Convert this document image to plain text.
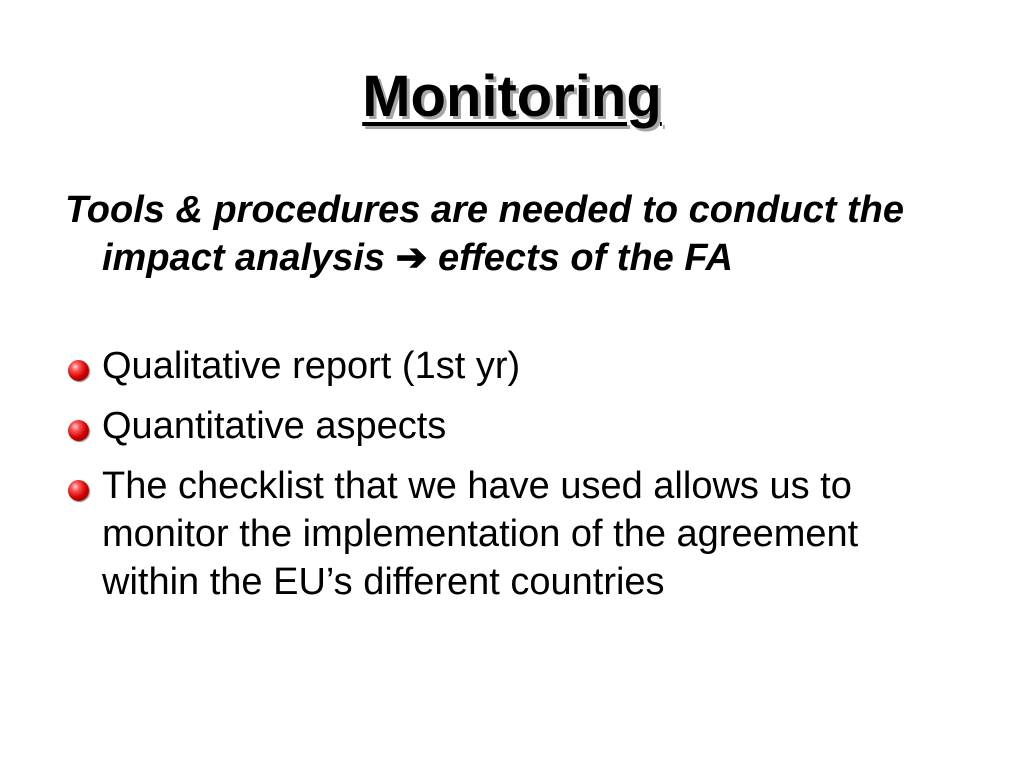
Monitoring

Tools & procedures are needed to conduct the impact analysis ➔ effects of the FA

Qualitative report (1st yr)
Quantitative aspects
The checklist that we have used allows us to monitor the implementation of the agreement within the EU’s different countries
